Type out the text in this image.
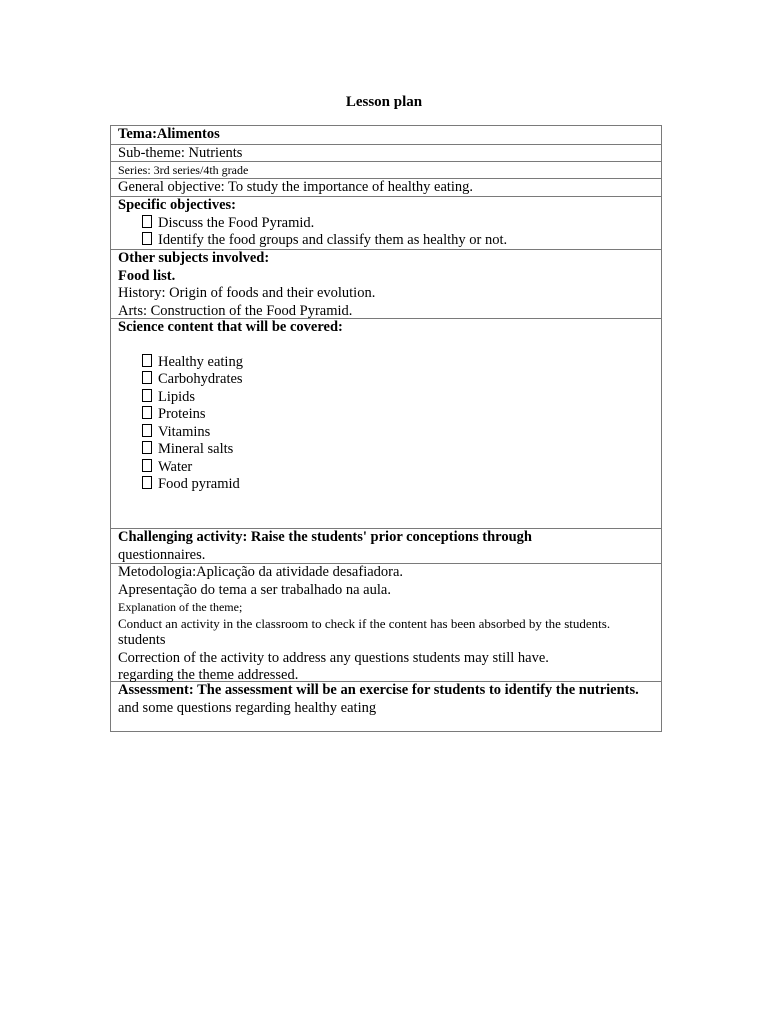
Lesson plan
Tema:Alimentos
Sub-theme: Nutrients
Series: 3rd series/4th grade
General objective: To study the importance of healthy eating.
Specific objectives:
Discuss the Food Pyramid.
Identify the food groups and classify them as healthy or not.
Other subjects involved:
Food list.
History: Origin of foods and their evolution.
Arts: Construction of the Food Pyramid.
Science content that will be covered:
Healthy eating
Carbohydrates
Lipids
Proteins
Vitamins
Mineral salts
Water
Food pyramid
Challenging activity: Raise the students' prior conceptions through
questionnaires.
Metodologia:Aplicação da atividade desafiadora.
Apresentação do tema a ser trabalhado na aula.
Explanation of the theme;
Conduct an activity in the classroom to check if the content has been absorbed by the students.
students
Correction of the activity to address any questions students may still have.
regarding the theme addressed.
Assessment: The assessment will be an exercise for students to identify the nutrients.
and some questions regarding healthy eating
